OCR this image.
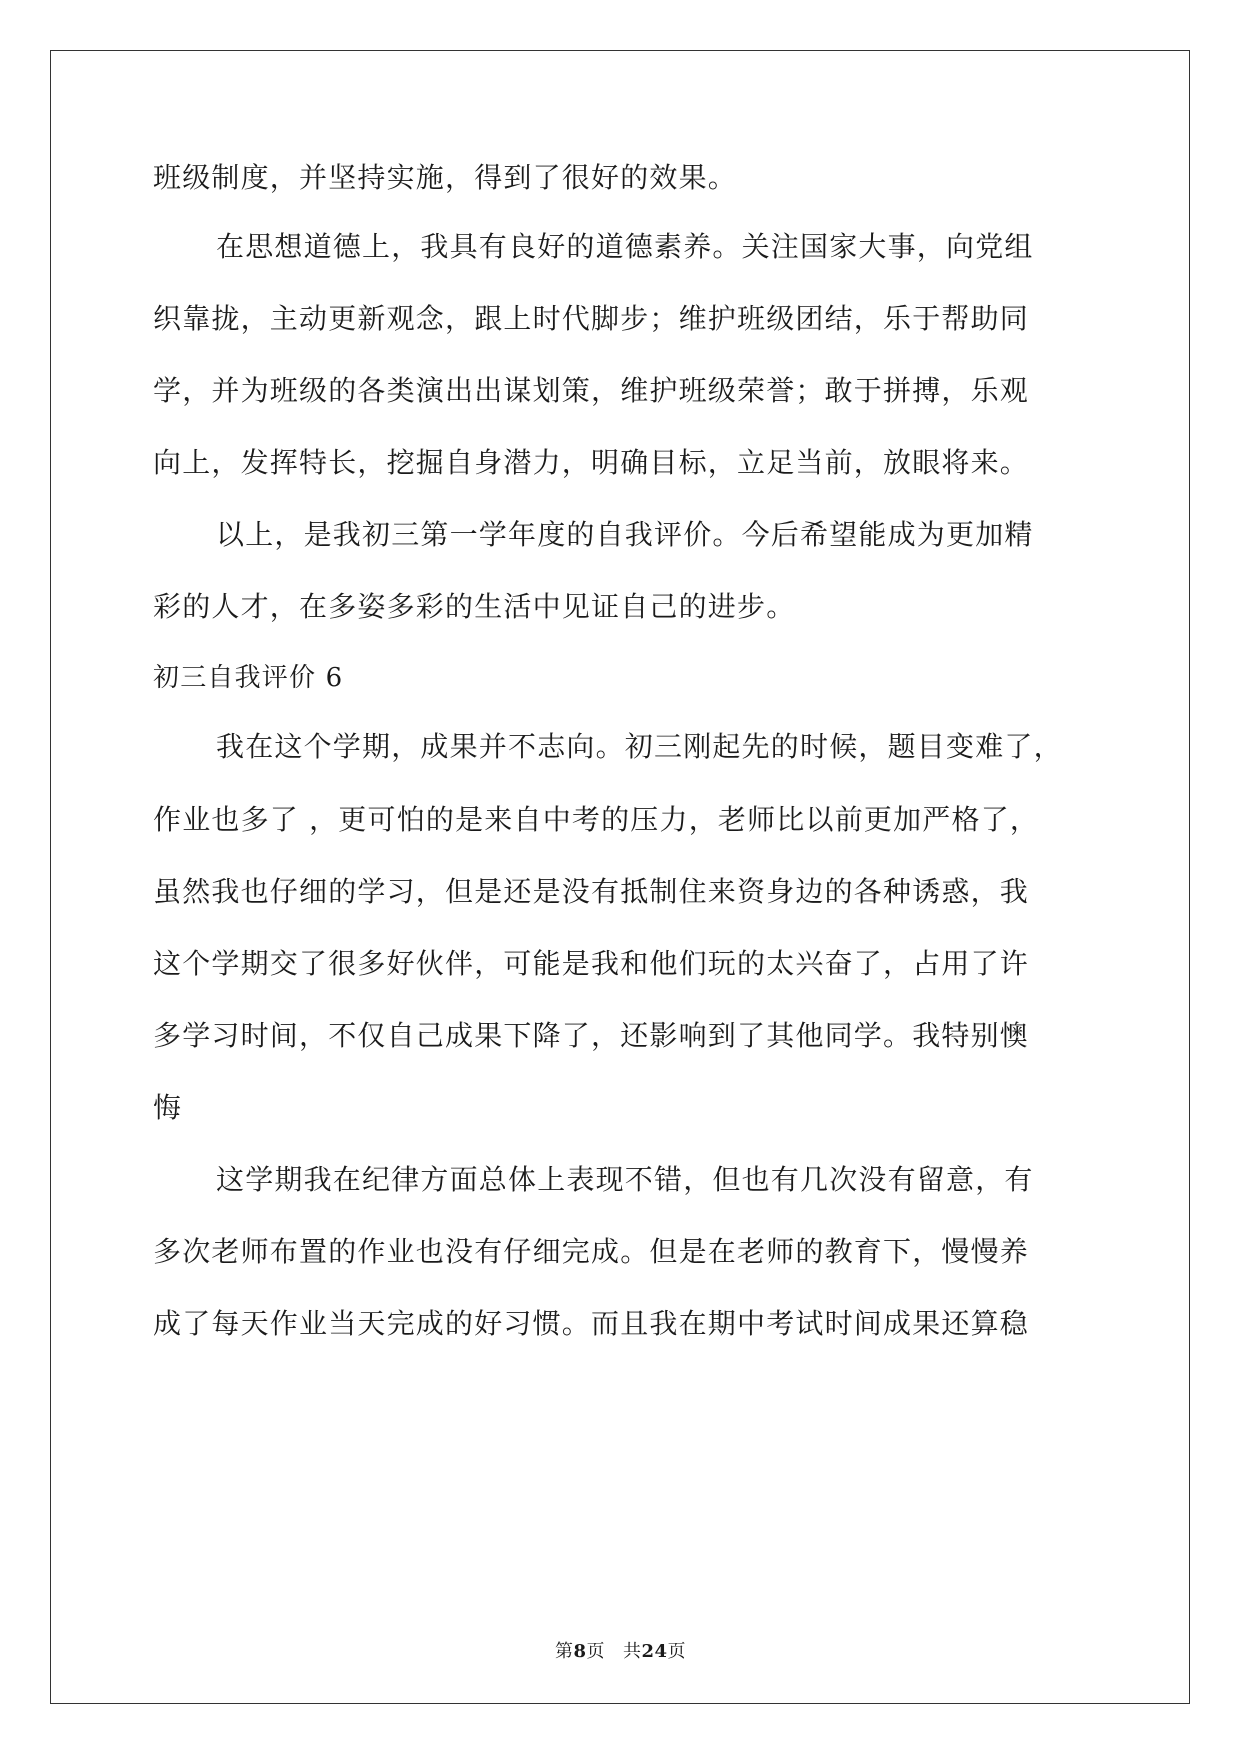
班级制度，并坚持实施，得到了很好的效果。
在思想道德上，我具有良好的道德素养。关注国家大事，向党组
织靠拢，主动更新观念，跟上时代脚步；维护班级团结，乐于帮助同
学，并为班级的各类演出出谋划策，维护班级荣誉；敢于拼搏，乐观
向上，发挥特长，挖掘自身潜力，明确目标，立足当前，放眼将来。
以上，是我初三第一学年度的自我评价。今后希望能成为更加精
彩的人才，在多姿多彩的生活中见证自己的进步。
初三自我评价 6
我在这个学期，成果并不志向。初三刚起先的时候，题目变难了，
作业也多了 ，更可怕的是来自中考的压力，老师比以前更加严格了，
虽然我也仔细的学习，但是还是没有抵制住来资身边的各种诱惑，我
这个学期交了很多好伙伴，可能是我和他们玩的太兴奋了，占用了许
多学习时间，不仅自己成果下降了，还影响到了其他同学。我特别懊
悔
这学期我在纪律方面总体上表现不错，但也有几次没有留意，有
多次老师布置的作业也没有仔细完成。但是在老师的教育下，慢慢养
成了每天作业当天完成的好习惯。而且我在期中考试时间成果还算稳
第8页 共24页
